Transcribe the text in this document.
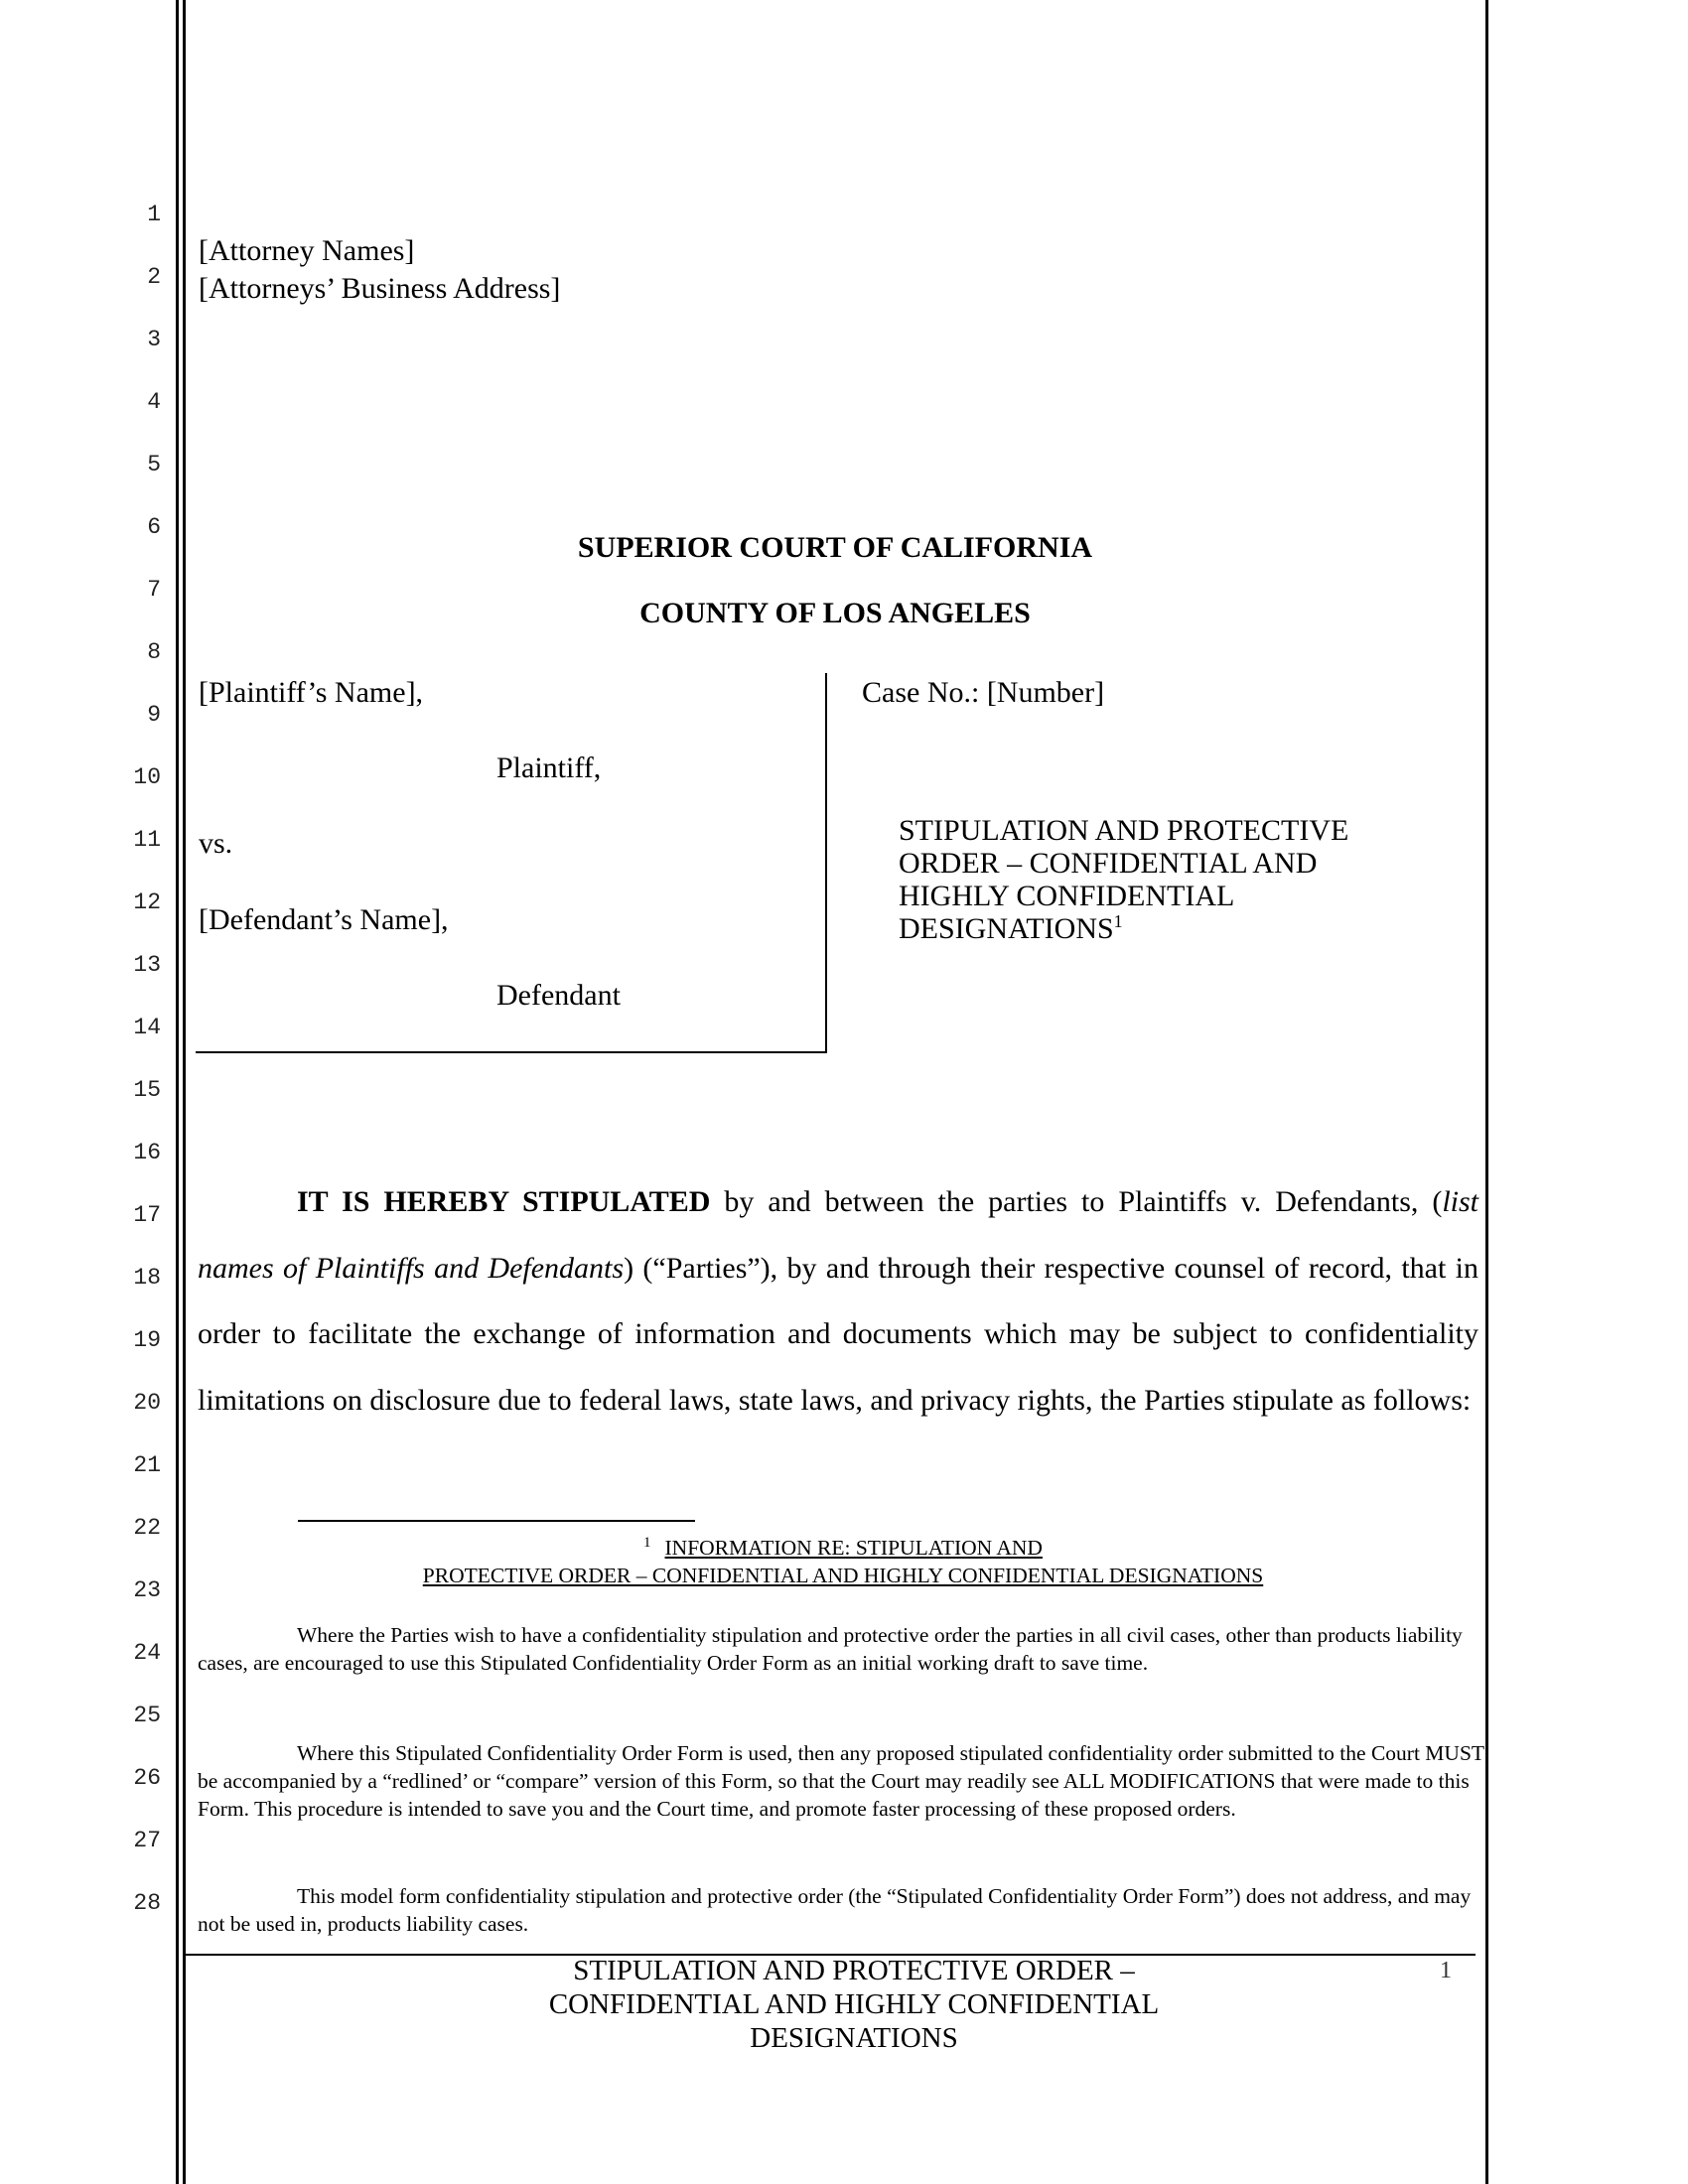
1
2
3
4
5
6
7
8
9
10
11
12
13
14
15
16
17
18
19
20
21
22
23
24
25
26
27
28
[Attorney Names]
[Attorneys’ Business Address]
SUPERIOR COURT OF CALIFORNIA
COUNTY OF LOS ANGELES
[Plaintiff’s Name],
Plaintiff,
vs.
[Defendant’s Name],
Defendant
Case No.: [Number]
STIPULATION AND PROTECTIVE
ORDER – CONFIDENTIAL AND
HIGHLY CONFIDENTIAL
DESIGNATIONS$^1$
IT IS HEREBY STIPULATED by and between the parties to Plaintiffs v. Defendants, (list names of Plaintiffs and Defendants) (“Parties”), by and through their respective counsel of record, that in order to facilitate the exchange of information and documents which may be subject to confidentiality limitations on disclosure due to federal laws, state laws, and privacy rights, the Parties stipulate as follows:
$^1$ INFORMATION RE: STIPULATION AND
PROTECTIVE ORDER – CONFIDENTIAL AND HIGHLY CONFIDENTIAL DESIGNATIONS
Where the Parties wish to have a confidentiality stipulation and protective order the parties in all civil cases, other than products liability cases, are encouraged to use this Stipulated Confidentiality Order Form as an initial working draft to save time.
Where this Stipulated Confidentiality Order Form is used, then any proposed stipulated confidentiality order submitted to the Court MUST be accompanied by a “redlined’ or “compare” version of this Form, so that the Court may readily see ALL MODIFICATIONS that were made to this Form. This procedure is intended to save you and the Court time, and promote faster processing of these proposed orders.
This model form confidentiality stipulation and protective order (the “Stipulated Confidentiality Order Form”) does not address, and may not be used in, products liability cases.
STIPULATION AND PROTECTIVE ORDER –
CONFIDENTIAL AND HIGHLY CONFIDENTIAL
DESIGNATIONS
1
